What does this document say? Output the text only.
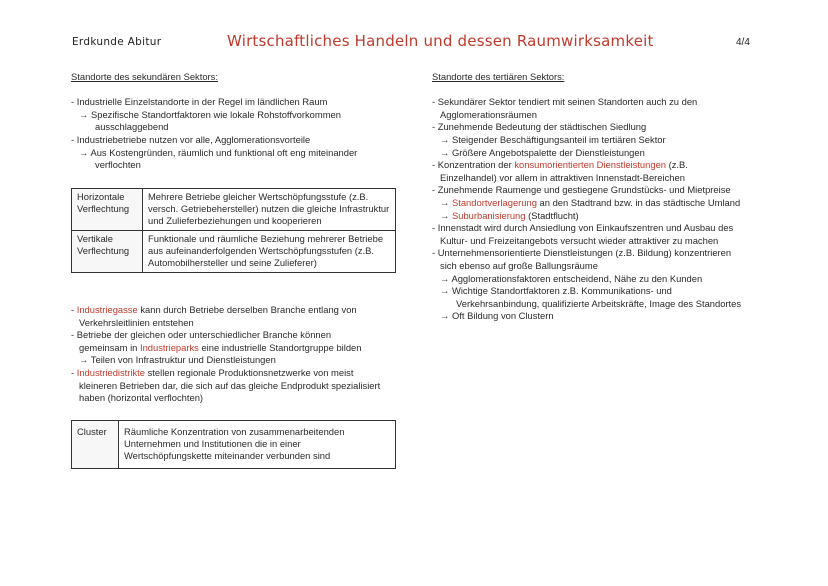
Erdkunde Abitur	Wirtschaftliches Handeln und dessen Raumwirksamkeit	4/4

Standorte des sekundären Sektors:

- Industrielle Einzelstandorte in der Regel im ländlichen Raum

→ Spezifische Standortfaktoren wie lokale Rohstoffvorkommen

ausschlaggebend

- Industriebetriebe nutzen vor alle, Agglomerationsvorteile

→ Aus Kostengründen, räumlich und funktional oft eng miteinander

verflochten

Horizontale Verflechtung	Mehrere Betriebe gleicher Wertschöpfungsstufe (z.B. versch. Getriebehersteller) nutzen die gleiche Infrastruktur und Zulieferbeziehungen und kooperieren
Vertikale Verflechtung	Funktionale und räumliche Beziehung mehrerer Betriebe aus aufeinanderfolgenden Wertschöpfungsstufen (z.B. Automobilhersteller und seine Zulieferer)

- Industriegasse kann durch Betriebe derselben Branche entlang von

Verkehrsleitlinien entstehen

- Betriebe der gleichen oder unterschiedlicher Branche können

gemeinsam in Industrieparks eine industrielle Standortgruppe bilden

→ Teilen von Infrastruktur und Dienstleistungen

- Industriedistrikte stellen regionale Produktionsnetzwerke von meist

kleineren Betrieben dar, die sich auf das gleiche Endprodukt spezialisiert

haben (horizontal verflochten)

Cluster	Räumliche Konzentration von zusammenarbeitenden Unternehmen und Institutionen die in einer Wertschöpfungskette miteinander verbunden sind

Standorte des tertiären Sektors:

- Sekundärer Sektor tendiert mit seinen Standorten auch zu den

Agglomerationsräumen

- Zunehmende Bedeutung der städtischen Siedlung

→ Steigender Beschäftigungsanteil im tertiären Sektor

→ Größere Angebotspalette der Dienstleistungen

- Konzentration der konsumorientierten Dienstleistungen (z.B.

Einzelhandel) vor allem in attraktiven Innenstadt-Bereichen

- Zunehmende Raumenge und gestiegene Grundstücks- und Mietpreise

→ Standortverlagerung an den Stadtrand bzw. in das städtische Umland

→ Suburbanisierung (Stadtflucht)

- Innenstadt wird durch Ansiedlung von Einkaufszentren und Ausbau des

Kultur- und Freizeitangebots versucht wieder attraktiver zu machen

- Unternehmensorientierte Dienstleistungen (z.B. Bildung) konzentrieren

sich ebenso auf große Ballungsräume

→ Agglomerationsfaktoren entscheidend, Nähe zu den Kunden

→ Wichtige Standortfaktoren z.B. Kommunikations- und

Verkehrsanbindung, qualifizierte Arbeitskräfte, Image des Standortes

→ Oft Bildung von Clustern
